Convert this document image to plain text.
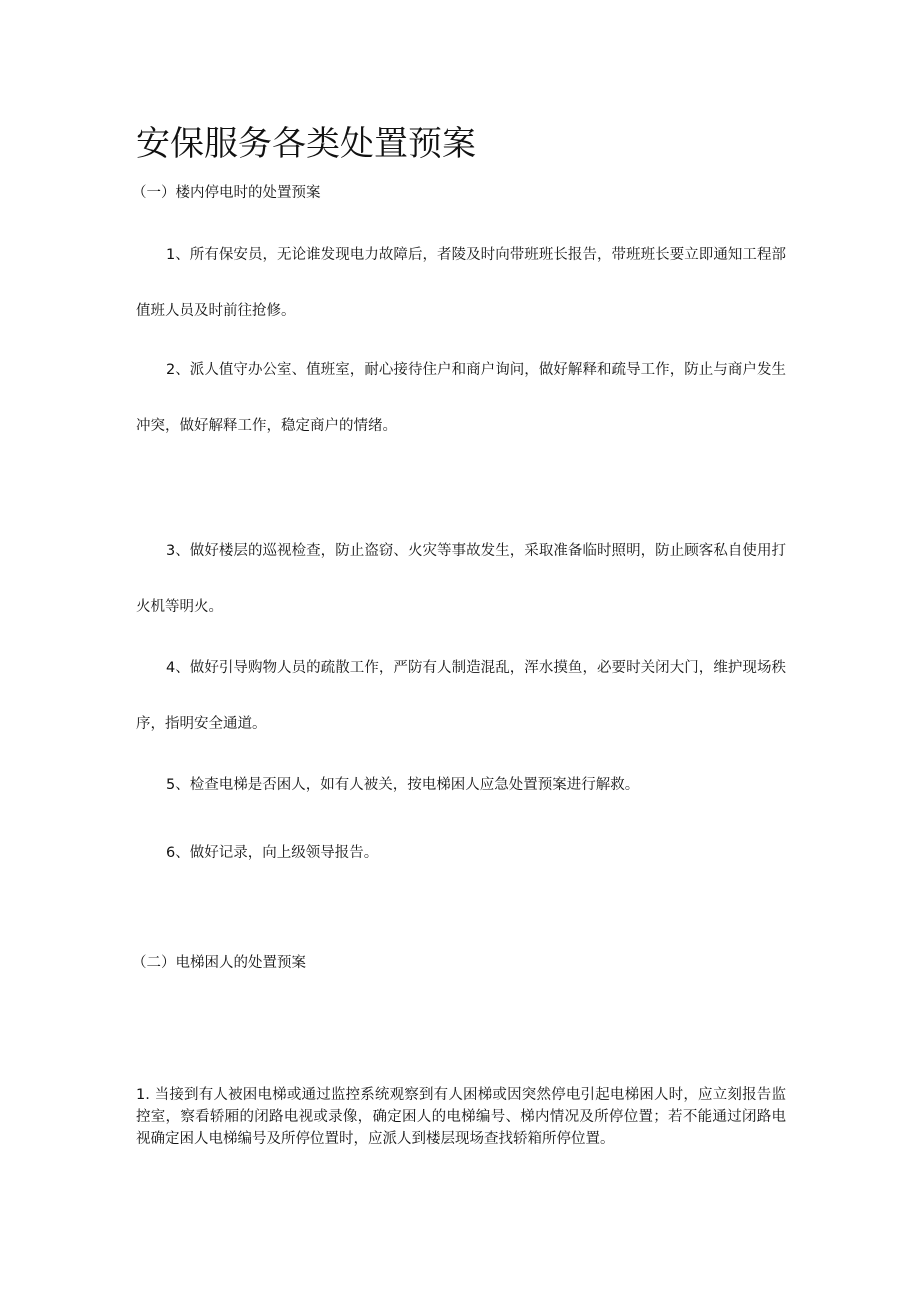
安保服务各类处置预案
（一）楼内停电时的处置预案

1、所有保安员，无论谁发现电力故障后，者陵及时向带班班长报告，带班班长要立即通知工程部值班人员及时前往抢修。

2、派人值守办公室、值班室，耐心接待住户和商户询问，做好解释和疏导工作，防止与商户发生冲突，做好解释工作，稳定商户的情绪。

3、做好楼层的巡视检查，防止盗窃、火灾等事故发生，采取准备临时照明，防止顾客私自使用打火机等明火。

4、做好引导购物人员的疏散工作，严防有人制造混乱，浑水摸鱼，必要时关闭大门，维护现场秩序，指明安全通道。

5、检查电梯是否困人，如有人被关，按电梯困人应急处置预案进行解救。

6、做好记录，向上级领导报告。

（二）电梯困人的处置预案

1. 当接到有人被困电梯或通过监控系统观察到有人困梯或因突然停电引起电梯困人时，应立刻报告监控室，察看轿厢的闭路电视或录像，确定困人的电梯编号、梯内情况及所停位置；若不能通过闭路电视确定困人电梯编号及所停位置时，应派人到楼层现场查找轿箱所停位置。
